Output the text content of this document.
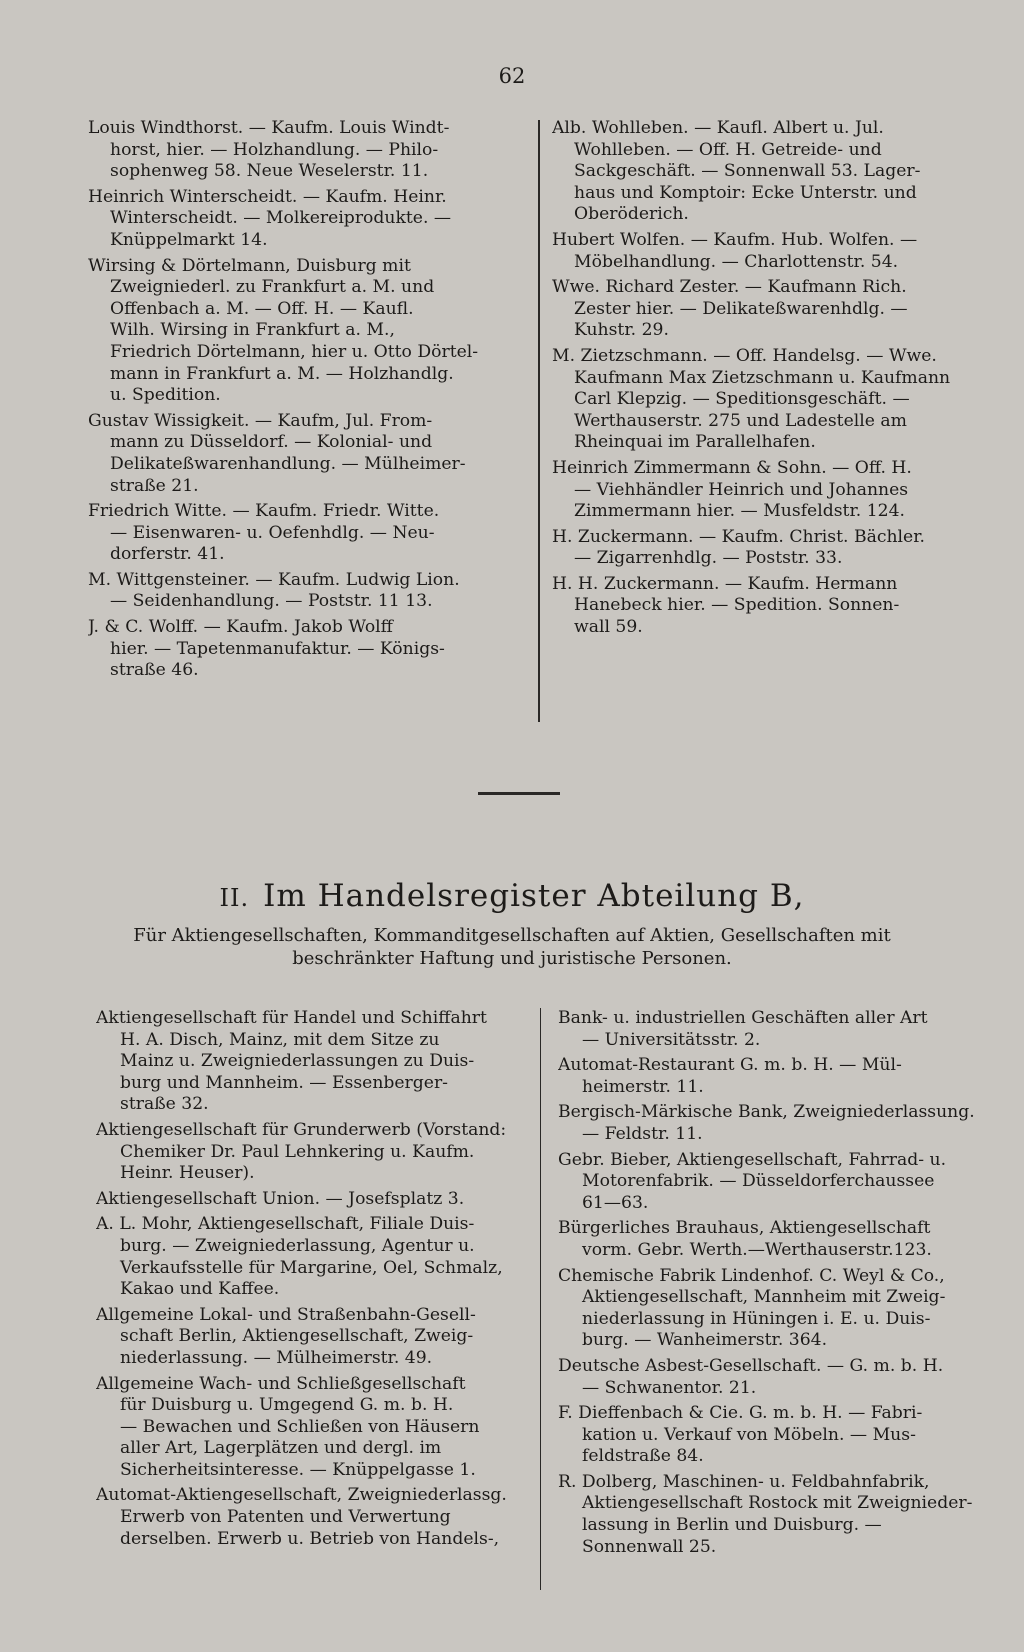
62
Louis Windthorst. — Kaufm. Louis Windt-
horst, hier. — Holzhandlung. — Philo-
sophenweg 58. Neue Weselerstr. 11.
Heinrich Winterscheidt. — Kaufm. Heinr.
Winterscheidt. — Molkereiprodukte. —
Knüppelmarkt 14.
Wirsing & Dörtelmann, Duisburg mit
Zweigniederl. zu Frankfurt a. M. und
Offenbach a. M. — Off. H. — Kaufl.
Wilh. Wirsing in Frankfurt a. M.,
Friedrich Dörtelmann, hier u. Otto Dörtel-
mann in Frankfurt a. M. — Holzhandlg.
u. Spedition.
Gustav Wissigkeit. — Kaufm, Jul. From-
mann zu Düsseldorf. — Kolonial- und
Delikateßwarenhandlung. — Mülheimer-
straße 21.
Friedrich Witte. — Kaufm. Friedr. Witte.
— Eisenwaren- u. Oefenhdlg. — Neu-
dorferstr. 41.
M. Wittgensteiner. — Kaufm. Ludwig Lion.
— Seidenhandlung. — Poststr. 11 13.
J. & C. Wolff. — Kaufm. Jakob Wolff
hier. — Tapetenmanufaktur. — Königs-
straße 46.
Alb. Wohlleben. — Kaufl. Albert u. Jul.
Wohlleben. — Off. H. Getreide- und
Sackgeschäft. — Sonnenwall 53. Lager-
haus und Komptoir: Ecke Unterstr. und
Oberöderich.
Hubert Wolfen. — Kaufm. Hub. Wolfen. —
Möbelhandlung. — Charlottenstr. 54.
Wwe. Richard Zester. — Kaufmann Rich.
Zester hier. — Delikateßwarenhdlg. —
Kuhstr. 29.
M. Zietzschmann. — Off. Handelsg. — Wwe.
Kaufmann Max Zietzschmann u. Kaufmann
Carl Klepzig. — Speditionsgeschäft. —
Werthauserstr. 275 und Ladestelle am
Rheinquai im Parallelhafen.
Heinrich Zimmermann & Sohn. — Off. H.
— Viehhändler Heinrich und Johannes
Zimmermann hier. — Musfeldstr. 124.
H. Zuckermann. — Kaufm. Christ. Bächler.
— Zigarrenhdlg. — Poststr. 33.
H. H. Zuckermann. — Kaufm. Hermann
Hanebeck hier. — Spedition. Sonnen-
wall 59.
II. Im Handelsregister Abteilung B,
Für Aktiengesellschaften, Kommanditgesellschaften auf Aktien, Gesellschaften mit
beschränkter Haftung und juristische Personen.
Aktiengesellschaft für Handel und Schiffahrt
H. A. Disch, Mainz, mit dem Sitze zu
Mainz u. Zweigniederlassungen zu Duis-
burg und Mannheim. — Essenberger-
straße 32.
Aktiengesellschaft für Grunderwerb (Vorstand:
Chemiker Dr. Paul Lehnkering u. Kaufm.
Heinr. Heuser).
Aktiengesellschaft Union. — Josefsplatz 3.
A. L. Mohr, Aktiengesellschaft, Filiale Duis-
burg. — Zweigniederlassung, Agentur u.
Verkaufsstelle für Margarine, Oel, Schmalz,
Kakao und Kaffee.
Allgemeine Lokal- und Straßenbahn-Gesell-
schaft Berlin, Aktiengesellschaft, Zweig-
niederlassung. — Mülheimerstr. 49.
Allgemeine Wach- und Schließgesellschaft
für Duisburg u. Umgegend G. m. b. H.
— Bewachen und Schließen von Häusern
aller Art, Lagerplätzen und dergl. im
Sicherheitsinteresse. — Knüppelgasse 1.
Automat-Aktiengesellschaft, Zweigniederlassg.
Erwerb von Patenten und Verwertung
derselben. Erwerb u. Betrieb von Handels-,
Bank- u. industriellen Geschäften aller Art
— Universitätsstr. 2.
Automat-Restaurant G. m. b. H. — Mül-
heimerstr. 11.
Bergisch-Märkische Bank, Zweigniederlassung.
— Feldstr. 11.
Gebr. Bieber, Aktiengesellschaft, Fahrrad- u.
Motorenfabrik. — Düsseldorferchaussee
61—63.
Bürgerliches Brauhaus, Aktiengesellschaft
vorm. Gebr. Werth.—Werthauserstr.123.
Chemische Fabrik Lindenhof. C. Weyl & Co.,
Aktiengesellschaft, Mannheim mit Zweig-
niederlassung in Hüningen i. E. u. Duis-
burg. — Wanheimerstr. 364.
Deutsche Asbest-Gesellschaft. — G. m. b. H.
— Schwanentor. 21.
F. Dieffenbach & Cie. G. m. b. H. — Fabri-
kation u. Verkauf von Möbeln. — Mus-
feldstraße 84.
R. Dolberg, Maschinen- u. Feldbahnfabrik,
Aktiengesellschaft Rostock mit Zweignieder-
lassung in Berlin und Duisburg. —
Sonnenwall 25.
